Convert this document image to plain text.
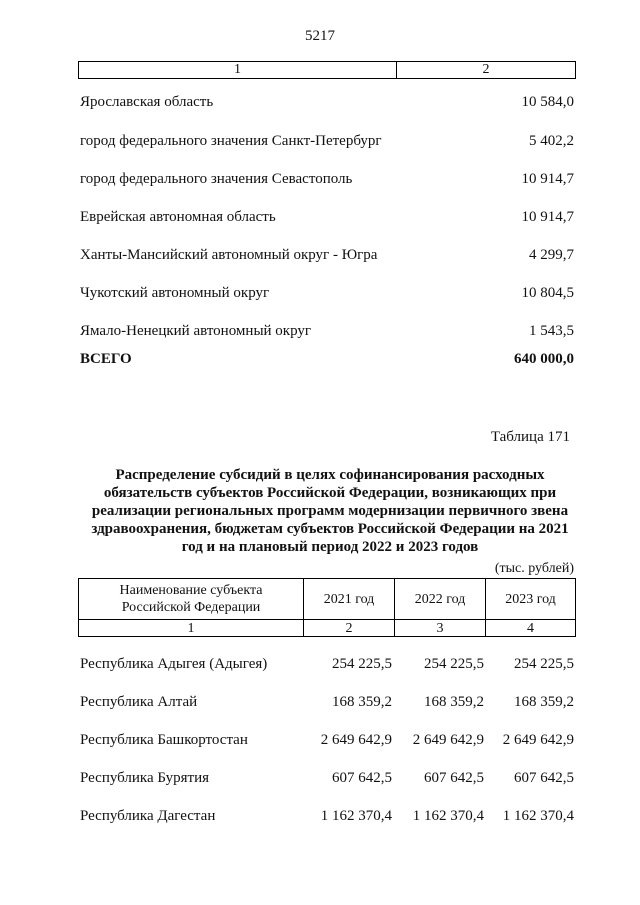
5217
1	2
Ярославская область	10 584,0
город федерального значения Санкт-Петербург	5 402,2
город федерального значения Севастополь	10 914,7
Еврейская автономная область	10 914,7
Ханты-Мансийский автономный округ - Югра	4 299,7
Чукотский автономный округ	10 804,5
Ямало-Ненецкий автономный округ	1 543,5
ВСЕГО	640 000,0
Таблица 171
Распределение субсидий в целях софинансирования расходных
обязательств субъектов Российской Федерации, возникающих при
реализации региональных программ модернизации первичного звена
здравоохранения, бюджетам субъектов Российской Федерации на 2021
год и на плановый период 2022 и 2023 годов
(тыс. рублей)
Наименование субъекта
Российской Федерации	2021 год	2022 год	2023 год
1	2	3	4
Республика Адыгея (Адыгея)	254 225,5	254 225,5	254 225,5
Республика Алтай	168 359,2	168 359,2	168 359,2
Республика Башкортостан	2 649 642,9	2 649 642,9	2 649 642,9
Республика Бурятия	607 642,5	607 642,5	607 642,5
Республика Дагестан	1 162 370,4	1 162 370,4	1 162 370,4
